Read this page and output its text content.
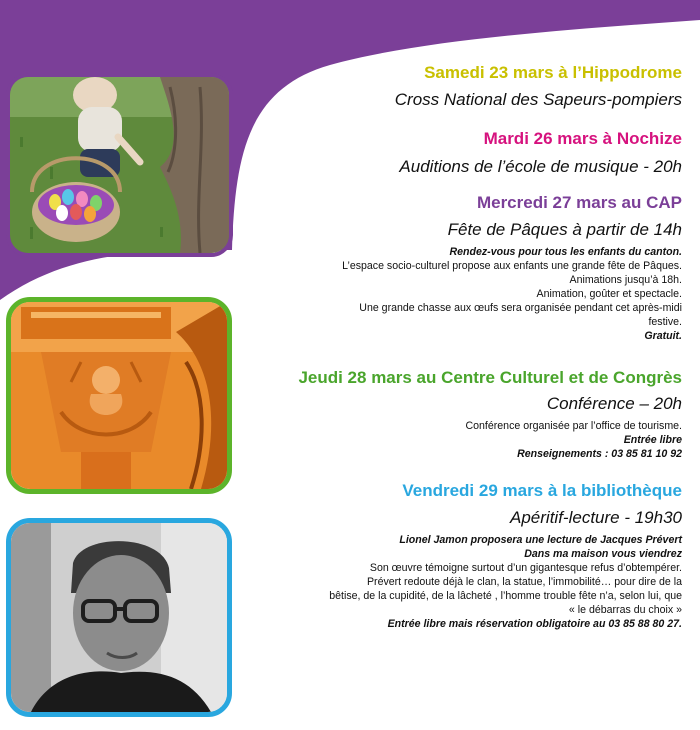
Samedi 23 mars à l’Hippodrome
Cross National des Sapeurs-pompiers
Mardi 26 mars à Nochize
Auditions de l’école de musique - 20h
Mercredi 27 mars au CAP
Fête de Pâques à partir de 14h
Rendez-vous pour tous les enfants du canton.
L’espace socio-culturel propose aux enfants une grande fête de Pâques.
Animations jusqu’à 18h.
Animation, goûter et spectacle.
Une grande chasse aux œufs sera organisée pendant cet après-midi
festive.
Gratuit.
Jeudi 28 mars au Centre Culturel et de Congrès
Conférence – 20h
Conférence organisée par l’office de tourisme.
Entrée libre
Renseignements : 03 85 81 10 92
Vendredi 29 mars à la bibliothèque
Apéritif-lecture - 19h30
Lionel Jamon proposera une lecture de Jacques Prévert
Dans ma maison vous viendrez
Son œuvre témoigne surtout d’un gigantesque refus d’obtempérer.
Prévert redoute déjà le clan, la statue, l’immobilité… pour dire de la
bêtise, de la cupidité, de la lâcheté , l’homme trouble fête n’a, selon lui, que
« le débarras du choix »
Entrée libre mais réservation obligatoire au 03 85 88 80 27.
